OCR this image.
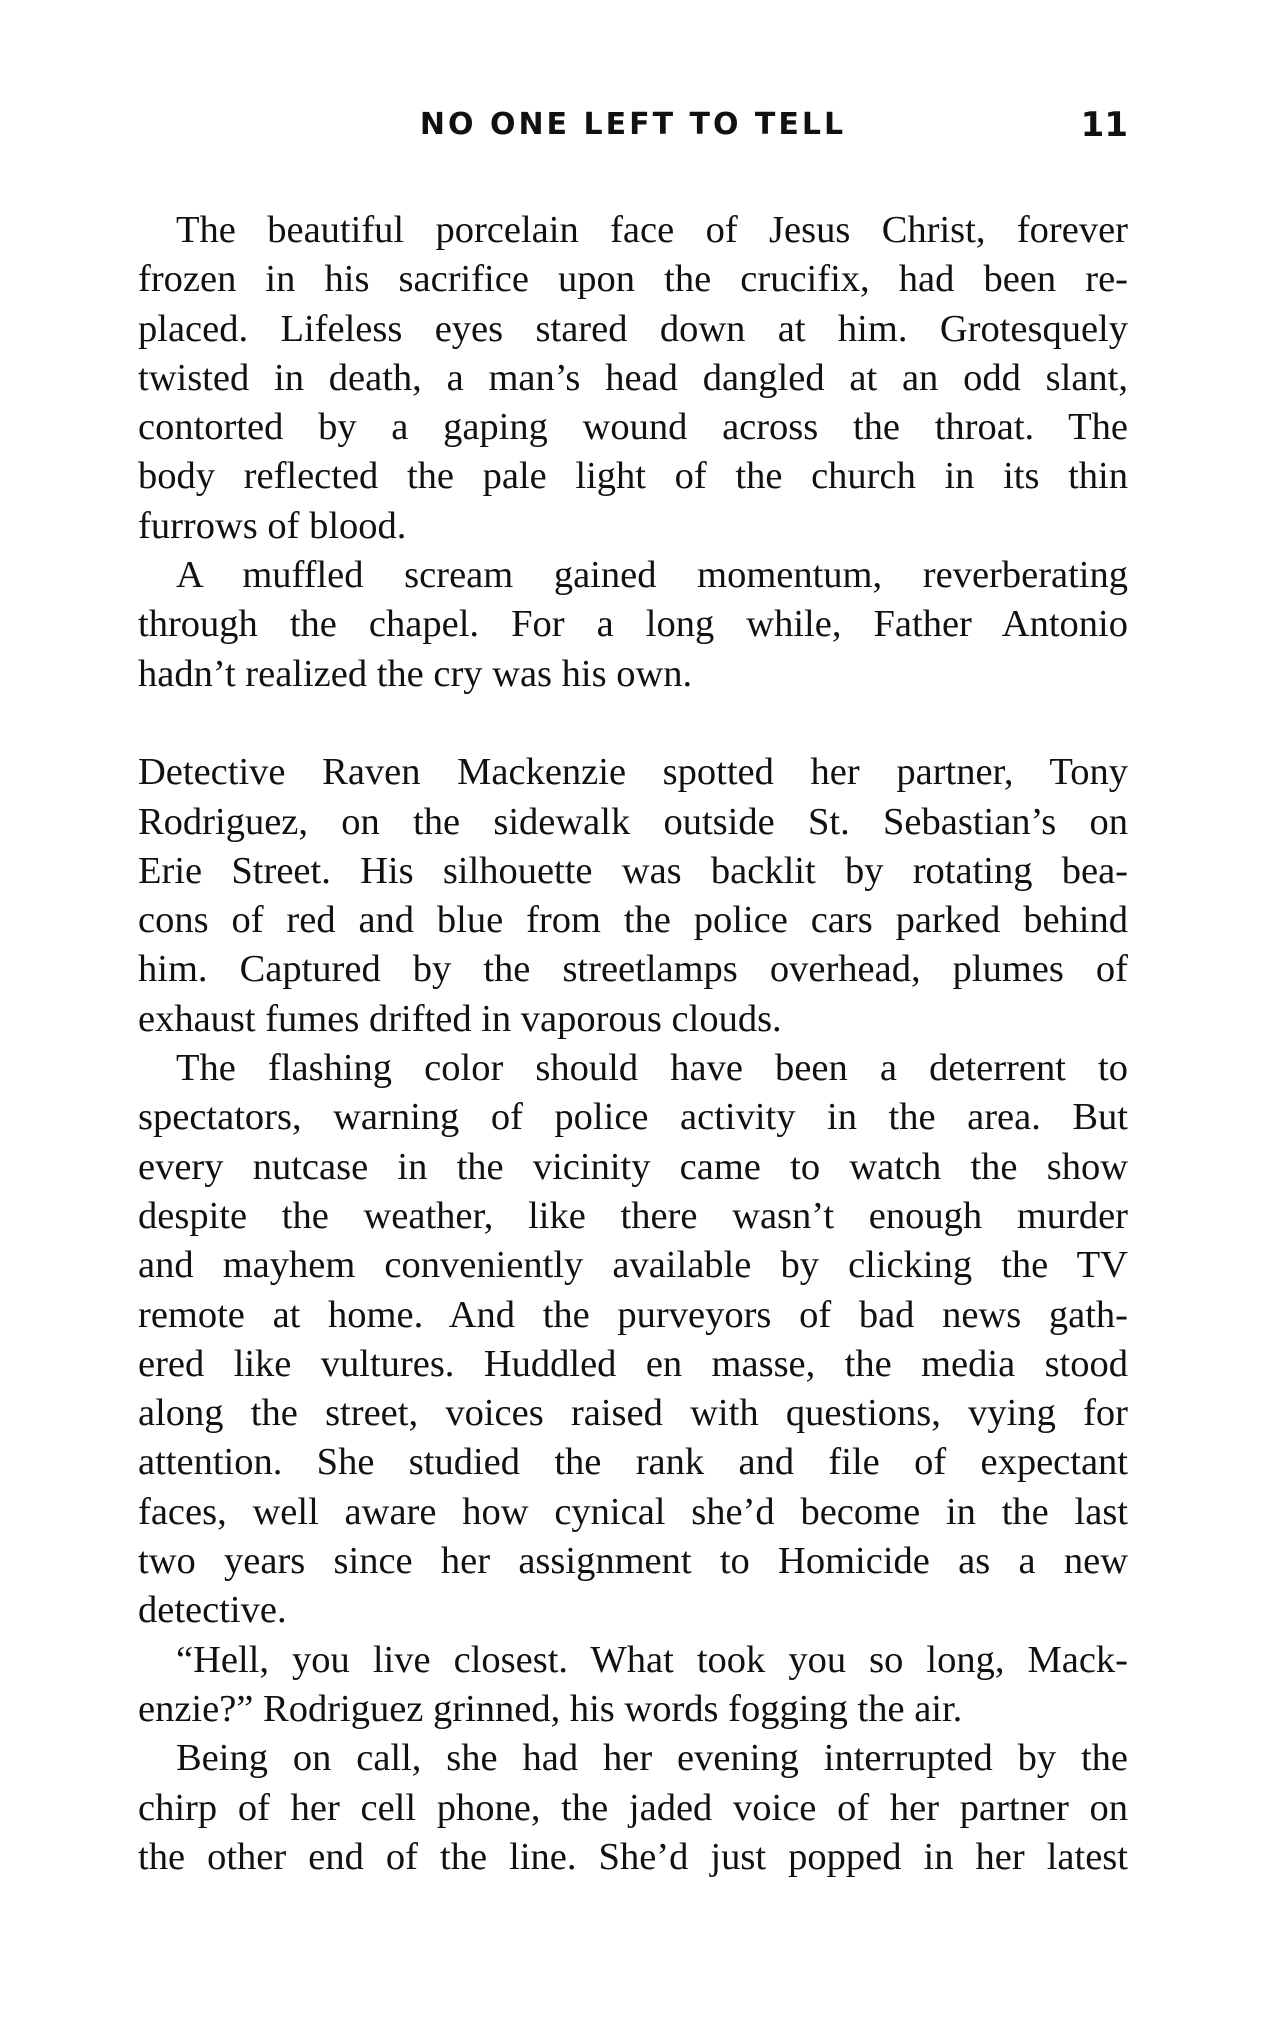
NO ONE LEFT TO TELL	11
The beautiful porcelain face of Jesus Christ, forever
frozen in his sacrifice upon the crucifix, had been re-
placed. Lifeless eyes stared down at him. Grotesquely
twisted in death, a man’s head dangled at an odd slant,
contorted by a gaping wound across the throat. The
body reflected the pale light of the church in its thin
furrows of blood.
A muffled scream gained momentum, reverberating
through the chapel. For a long while, Father Antonio
hadn’t realized the cry was his own.
Detective Raven Mackenzie spotted her partner, Tony
Rodriguez, on the sidewalk outside St. Sebastian’s on
Erie Street. His silhouette was backlit by rotating bea-
cons of red and blue from the police cars parked behind
him. Captured by the streetlamps overhead, plumes of
exhaust fumes drifted in vaporous clouds.
The flashing color should have been a deterrent to
spectators, warning of police activity in the area. But
every nutcase in the vicinity came to watch the show
despite the weather, like there wasn’t enough murder
and mayhem conveniently available by clicking the TV
remote at home. And the purveyors of bad news gath-
ered like vultures. Huddled en masse, the media stood
along the street, voices raised with questions, vying for
attention. She studied the rank and file of expectant
faces, well aware how cynical she’d become in the last
two years since her assignment to Homicide as a new
detective.
“Hell, you live closest. What took you so long, Mack-
enzie?” Rodriguez grinned, his words fogging the air.
Being on call, she had her evening interrupted by the
chirp of her cell phone, the jaded voice of her partner on
the other end of the line. She’d just popped in her latest
